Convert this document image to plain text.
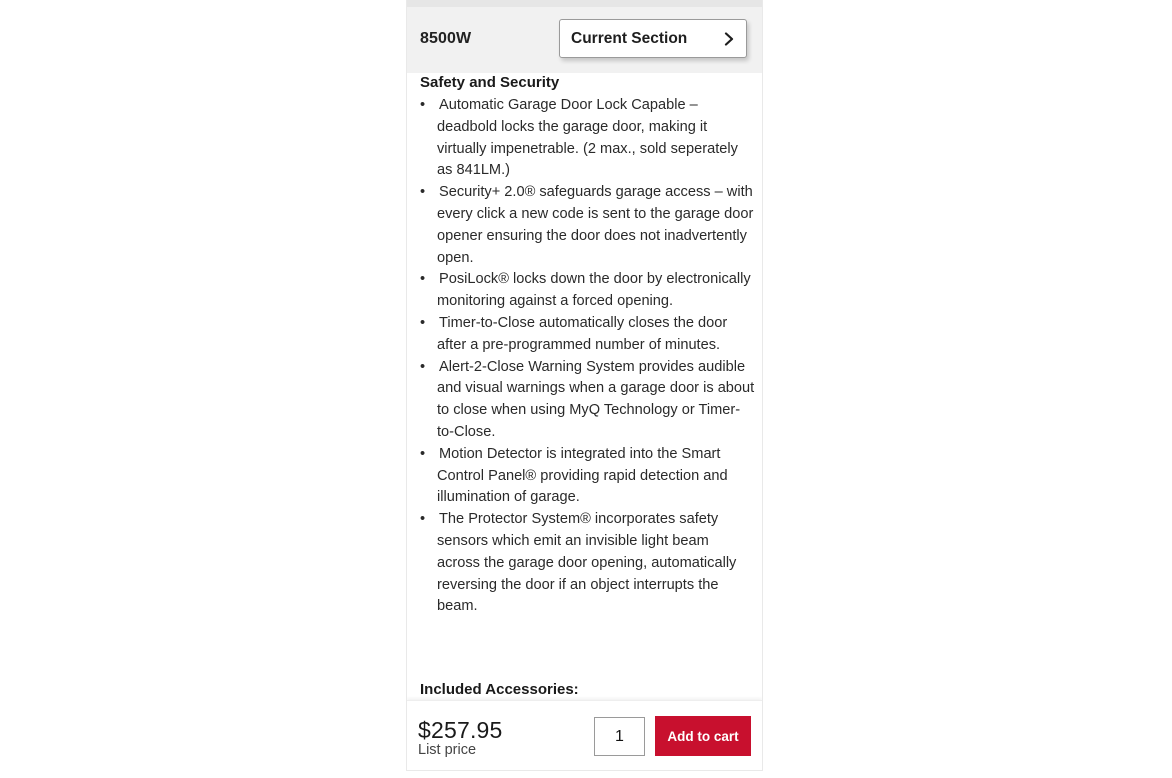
8500W	Current Section
Safety and Security
• Automatic Garage Door Lock Capable – deadbold locks the garage door, making it virtually impenetrable. (2 max., sold seperately as 841LM.)
• Security+ 2.0® safeguards garage access – with every click a new code is sent to the garage door opener ensuring the door does not inadvertently open.
• PosiLock® locks down the door by electronically monitoring against a forced opening.
• Timer-to-Close automatically closes the door after a pre-programmed number of minutes.
• Alert-2-Close Warning System provides audible and visual warnings when a garage door is about to close when using MyQ Technology or Timer-to-Close.
• Motion Detector is integrated into the Smart Control Panel® providing rapid detection and illumination of garage.
• The Protector System® incorporates safety sensors which emit an invisible light beam across the garage door opening, automatically reversing the door if an object interrupts the beam.
Included Accessories:
$257.95
List price
1
Add to cart
